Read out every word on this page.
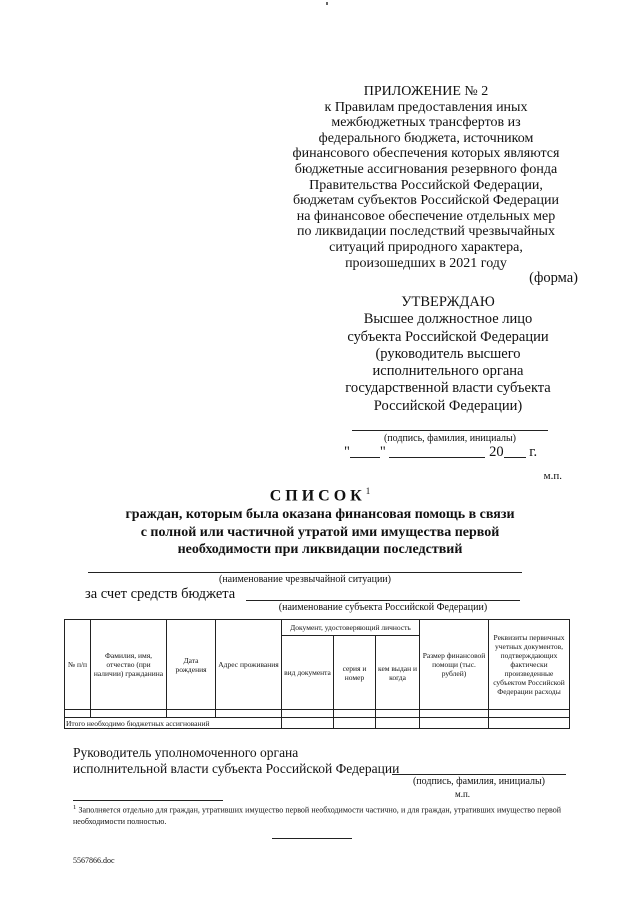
ПРИЛОЖЕНИЕ № 2
к Правилам предоставления иных
межбюджетных трансфертов из
федерального бюджета, источником
финансового обеспечения которых являются
бюджетные ассигнования резервного фонда
Правительства Российской Федерации,
бюджетам субъектов Российской Федерации
на финансовое обеспечение отдельных мер
по ликвидации последствий чрезвычайных
ситуаций природного характера,
произошедших в 2021 году
(форма)
УТВЕРЖДАЮ
Высшее должностное лицо
субъекта Российской Федерации
(руководитель высшего
исполнительного органа
государственной власти субъекта
Российской Федерации)
(подпись, фамилия, инициалы)
" "	20 г.
м.п.
СПИСОК$^1$
граждан, которым была оказана финансовая помощь в связи
с полной или частичной утратой ими имущества первой
необходимости при ликвидации последствий
(наименование чрезвычайной ситуации)
за счет средств бюджета
(наименование субъекта Российской Федерации)
№ п/п	Фамилия, имя, отчество (при наличии) гражданина	Дата рождения	Адрес проживания	Документ, удостоверяющий личность			Размер финансовой помощи (тыс. рублей)	Реквизиты первичных учетных документов, подтверждающих фактически произведенные субъектом Российской Федерации расходы
				вид документа	серия и номер	кем выдан и когда		

Итого необходимо бюджетных ассигнований								
Руководитель уполномоченного органа
исполнительной власти субъекта Российской Федерации
(подпись, фамилия, инициалы)
м.п.
$^1$ Заполняется отдельно для граждан, утративших имущество первой необходимости частично, и для граждан, утративших имущество первой необходимости полностью.
5567866.doc
